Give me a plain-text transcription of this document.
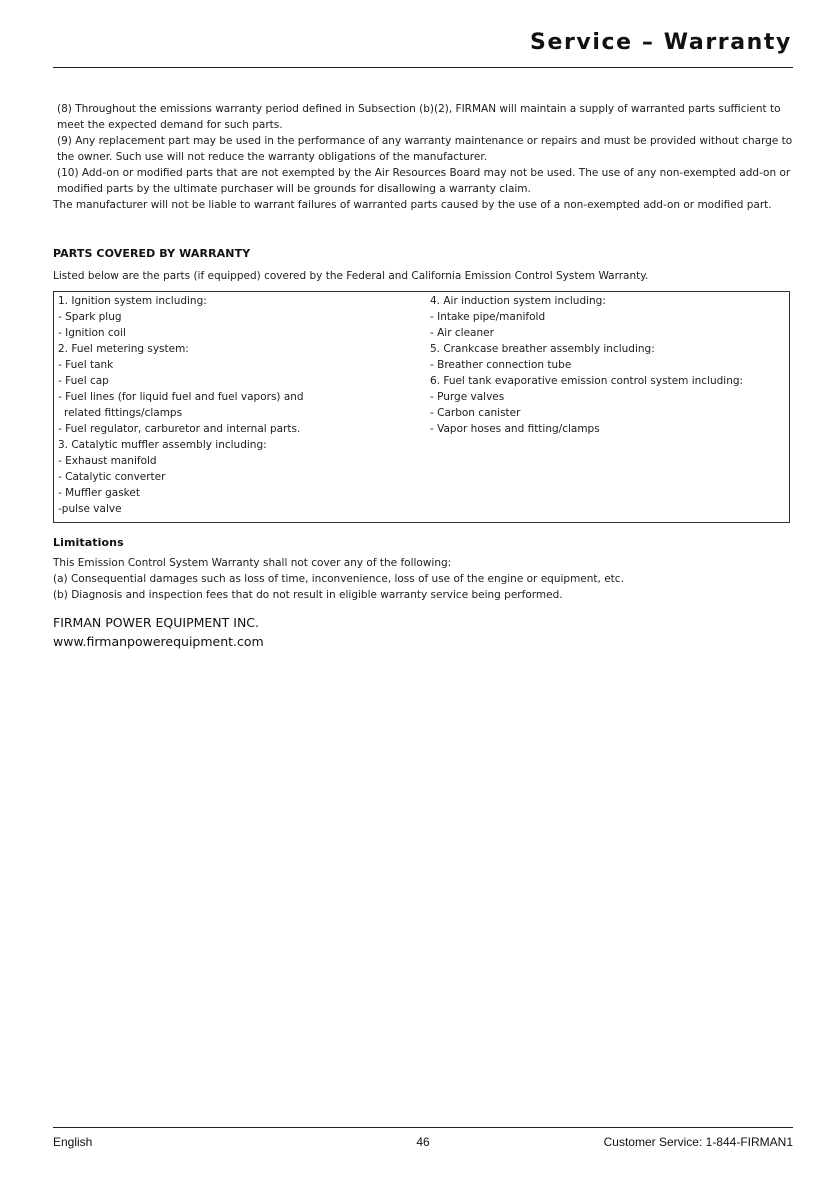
Service – Warranty

(8) Throughout the emissions warranty period defined in Subsection (b)(2), FIRMAN will maintain a supply of warranted parts sufficient to meet the expected demand for such parts.

(9) Any replacement part may be used in the performance of any warranty maintenance or repairs and must be provided without charge to the owner. Such use will not reduce the warranty obligations of the manufacturer.

(10) Add-on or modified parts that are not exempted by the Air Resources Board may not be used. The use of any non-exempted add-on or modified parts by the ultimate purchaser will be grounds for disallowing a warranty claim.

The manufacturer will not be liable to warrant failures of warranted parts caused by the use of a non-exempted add-on or modified part.

PARTS COVERED BY WARRANTY
Listed below are the parts (if equipped) covered by the Federal and California Emission Control System Warranty.
1. Ignition system including:
- Spark plug
- Ignition coil
2. Fuel metering system:
- Fuel tank
- Fuel cap
- Fuel lines (for liquid fuel and fuel vapors) and
related fittings/clamps
- Fuel regulator, carburetor and internal parts.
3. Catalytic muffler assembly including:
- Exhaust manifold
- Catalytic converter
- Muffler gasket
-pulse valve
4. Air induction system including:
- Intake pipe/manifold
- Air cleaner
5. Crankcase breather assembly including:
- Breather connection tube
6. Fuel tank evaporative emission control system including:
- Purge valves
- Carbon canister
- Vapor hoses and fitting/clamps
Limitations

This Emission Control System Warranty shall not cover any of the following:

(a) Consequential damages such as loss of time, inconvenience, loss of use of the engine or equipment, etc.

(b) Diagnosis and inspection fees that do not result in eligible warranty service being performed.

FIRMAN POWER EQUIPMENT INC.
www.firmanpowerequipment.com
English	46	Customer Service: 1-844-FIRMAN1
